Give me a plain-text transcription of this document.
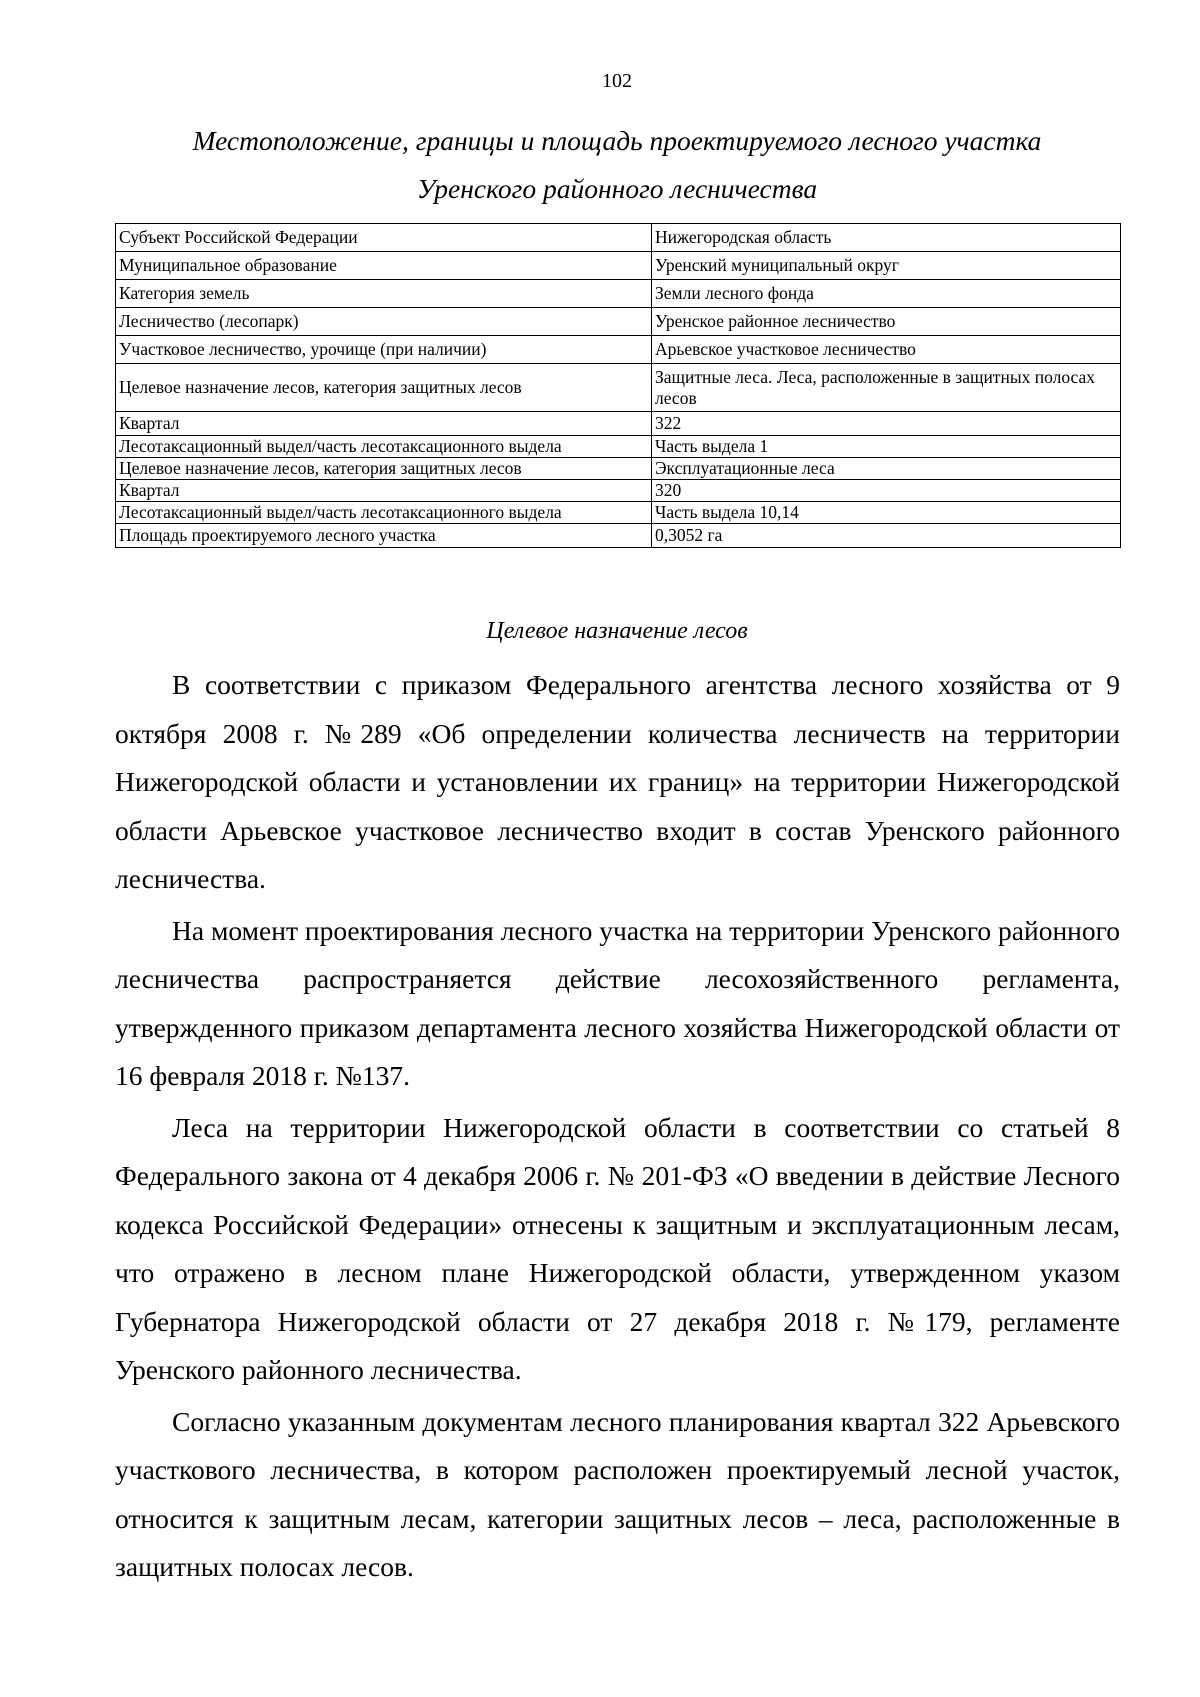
102
Местоположение, границы и площадь проектируемого лесного участка
Уренского районного лесничества
Субъект Российской Федерации	Нижегородская область
Муниципальное образование	Уренский муниципальный округ
Категория земель	Земли лесного фонда
Лесничество (лесопарк)	Уренское районное лесничество
Участковое лесничество, урочище (при наличии)	Арьевское участковое лесничество
Целевое назначение лесов, категория защитных лесов	Защитные леса. Леса, расположенные в защитных полосах лесов
Квартал	322
Лесотаксационный выдел/часть лесотаксационного выдела	Часть выдела 1
Целевое назначение лесов, категория защитных лесов	Эксплуатационные леса
Квартал	320
Лесотаксационный выдел/часть лесотаксационного выдела	Часть выдела 10,14
Площадь проектируемого лесного участка	0,3052 га
Целевое назначение лесов

В соответствии с приказом Федерального агентства лесного хозяйства от 9 октября 2008 г. №289 «Об определении количества лесничеств на территории Нижегородской области и установлении их границ» на территории Нижегородской области Арьевское участковое лесничество входит в состав Уренского районного лесничества.

На момент проектирования лесного участка на территории Уренского районного лесничества распространяется действие лесохозяйственного регламента, утвержденного приказом департамента лесного хозяйства Нижегородской области от 16 февраля 2018 г. №137.

Леса на территории Нижегородской области в соответствии со статьей 8 Федерального закона от 4 декабря 2006 г. № 201-ФЗ «О введении в действие Лесного кодекса Российской Федерации» отнесены к защитным и эксплуатационным лесам, что отражено в лесном плане Нижегородской области, утвержденном указом Губернатора Нижегородской области от 27 декабря 2018 г. №179, регламенте Уренского районного лесничества.

Согласно указанным документам лесного планирования квартал 322 Арьевского участкового лесничества, в котором расположен проектируемый лесной участок, относится к защитным лесам, категории защитных лесов – леса, расположенные в защитных полосах лесов.
